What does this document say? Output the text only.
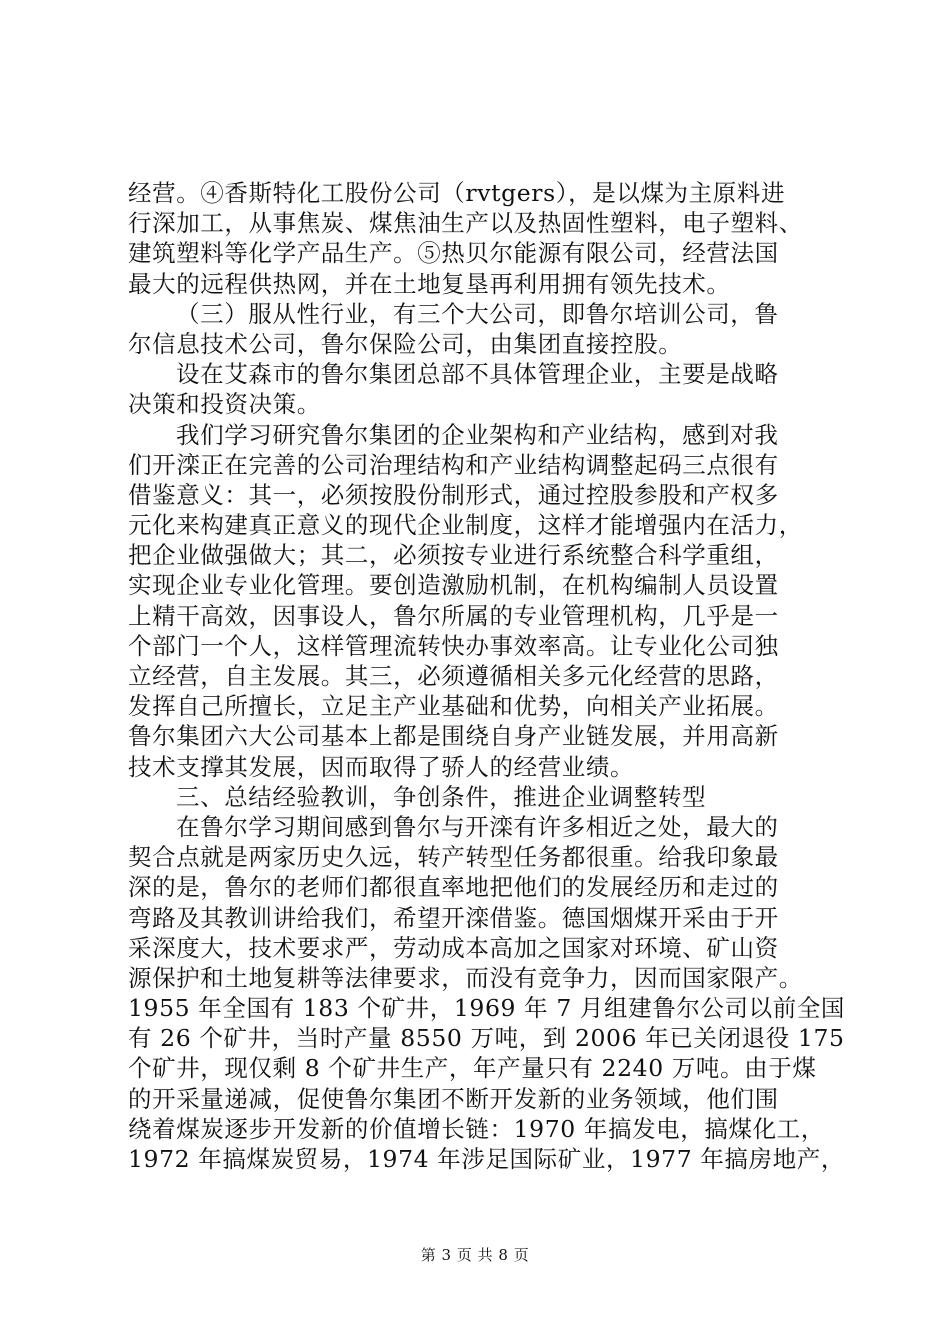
经营。④香斯特化工股份公司（rvtgers），是以煤为主原料进
行深加工，从事焦炭、煤焦油生产以及热固性塑料，电子塑料、
建筑塑料等化学产品生产。⑤热贝尔能源有限公司，经营法国
最大的远程供热网，并在土地复垦再利用拥有领先技术。
（三）服从性行业，有三个大公司，即鲁尔培训公司，鲁
尔信息技术公司，鲁尔保险公司，由集团直接控股。
设在艾森市的鲁尔集团总部不具体管理企业，主要是战略
决策和投资决策。
我们学习研究鲁尔集团的企业架构和产业结构，感到对我
们开滦正在完善的公司治理结构和产业结构调整起码三点很有
借鉴意义：其一，必须按股份制形式，通过控股参股和产权多
元化来构建真正意义的现代企业制度，这样才能增强内在活力，
把企业做强做大；其二，必须按专业进行系统整合科学重组，
实现企业专业化管理。要创造激励机制，在机构编制人员设置
上精干高效，因事设人，鲁尔所属的专业管理机构，几乎是一
个部门一个人，这样管理流转快办事效率高。让专业化公司独
立经营，自主发展。其三，必须遵循相关多元化经营的思路，
发挥自己所擅长，立足主产业基础和优势，向相关产业拓展。
鲁尔集团六大公司基本上都是围绕自身产业链发展，并用高新
技术支撑其发展，因而取得了骄人的经营业绩。
三、总结经验教训，争创条件，推进企业调整转型
在鲁尔学习期间感到鲁尔与开滦有许多相近之处，最大的
契合点就是两家历史久远，转产转型任务都很重。给我印象最
深的是，鲁尔的老师们都很直率地把他们的发展经历和走过的
弯路及其教训讲给我们，希望开滦借鉴。德国烟煤开采由于开
采深度大，技术要求严，劳动成本高加之国家对环境、矿山资
源保护和土地复耕等法律要求，而没有竞争力，因而国家限产。
1955 年全国有 183 个矿井，1969 年 7 月组建鲁尔公司以前全国
有 26 个矿井，当时产量 8550 万吨，到 2006 年已关闭退役 175
个矿井，现仅剩 8 个矿井生产，年产量只有 2240 万吨。由于煤
的开采量递减，促使鲁尔集团不断开发新的业务领域，他们围
绕着煤炭逐步开发新的价值增长链：1970 年搞发电，搞煤化工，
1972 年搞煤炭贸易，1974 年涉足国际矿业，1977 年搞房地产，
第 3 页 共 8 页
